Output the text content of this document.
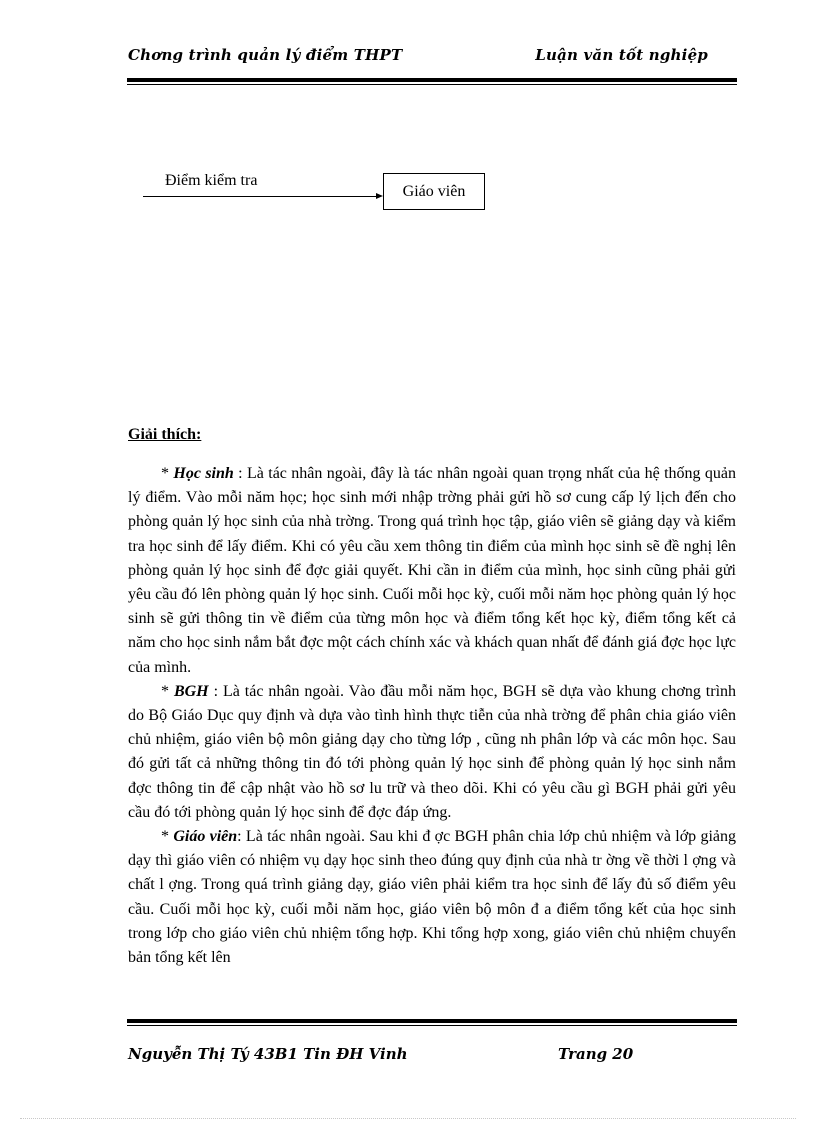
Chơng trình quản lý điểm THPT	Luận văn tốt nghiệp
Điểm kiểm tra
Giáo viên
Giải thích:

* Học sinh : Là tác nhân ngoài, đây là tác nhân ngoài quan trọng nhất của hệ thống quản lý điểm. Vào mỗi năm học; học sinh mới nhập trờng phải gửi hồ sơ cung cấp lý lịch đến cho phòng quản lý học sinh của nhà trờng. Trong quá trình học tập, giáo viên sẽ giảng dạy và kiểm tra học sinh để lấy điểm. Khi có yêu cầu xem thông tin điểm của mình học sinh sẽ đề nghị lên phòng quản lý học sinh để đợc giải quyết. Khi cần in điểm của mình, học sinh cũng phải gửi yêu cầu đó lên phòng quản lý học sinh. Cuối mỗi học kỳ, cuối mỗi năm học phòng quản lý học sinh sẽ gửi thông tin về điểm của từng môn học và điểm tổng kết học kỳ, điểm tổng kết cả năm cho học sinh nắm bắt đợc một cách chính xác và khách quan nhất để đánh giá đợc học lực của mình.

* BGH : Là tác nhân ngoài. Vào đầu mỗi năm học, BGH sẽ dựa vào khung chơng trình do Bộ Giáo Dục quy định và dựa vào tình hình thực tiễn của nhà trờng để phân chia giáo viên chủ nhiệm, giáo viên bộ môn giảng dạy cho từng lớp , cũng nh phân lớp và các môn học. Sau đó gửi tất cả những thông tin đó tới phòng quản lý học sinh để phòng quản lý học sinh nắm đợc thông tin để cập nhật vào hồ sơ lu trữ và theo dõi. Khi có yêu cầu gì BGH phải gửi yêu cầu đó tới phòng quản lý học sinh để đợc đáp ứng.

* Giáo viên: Là tác nhân ngoài. Sau khi đ ợc BGH phân chia lớp chủ nhiệm và lớp giảng dạy thì giáo viên có nhiệm vụ dạy học sinh theo đúng quy định của nhà tr ờng về thời l ợng và chất l ợng. Trong quá trình giảng dạy, giáo viên phải kiểm tra học sinh để lấy đủ số điểm yêu cầu. Cuối mỗi học kỳ, cuối mỗi năm học, giáo viên bộ môn đ a điểm tổng kết của học sinh trong lớp cho giáo viên chủ nhiệm tổng hợp. Khi tổng hợp xong, giáo viên chủ nhiệm chuyển bản tổng kết lên

Nguyễn Thị Tý 43B1 Tin ĐH Vinh	Trang 20
